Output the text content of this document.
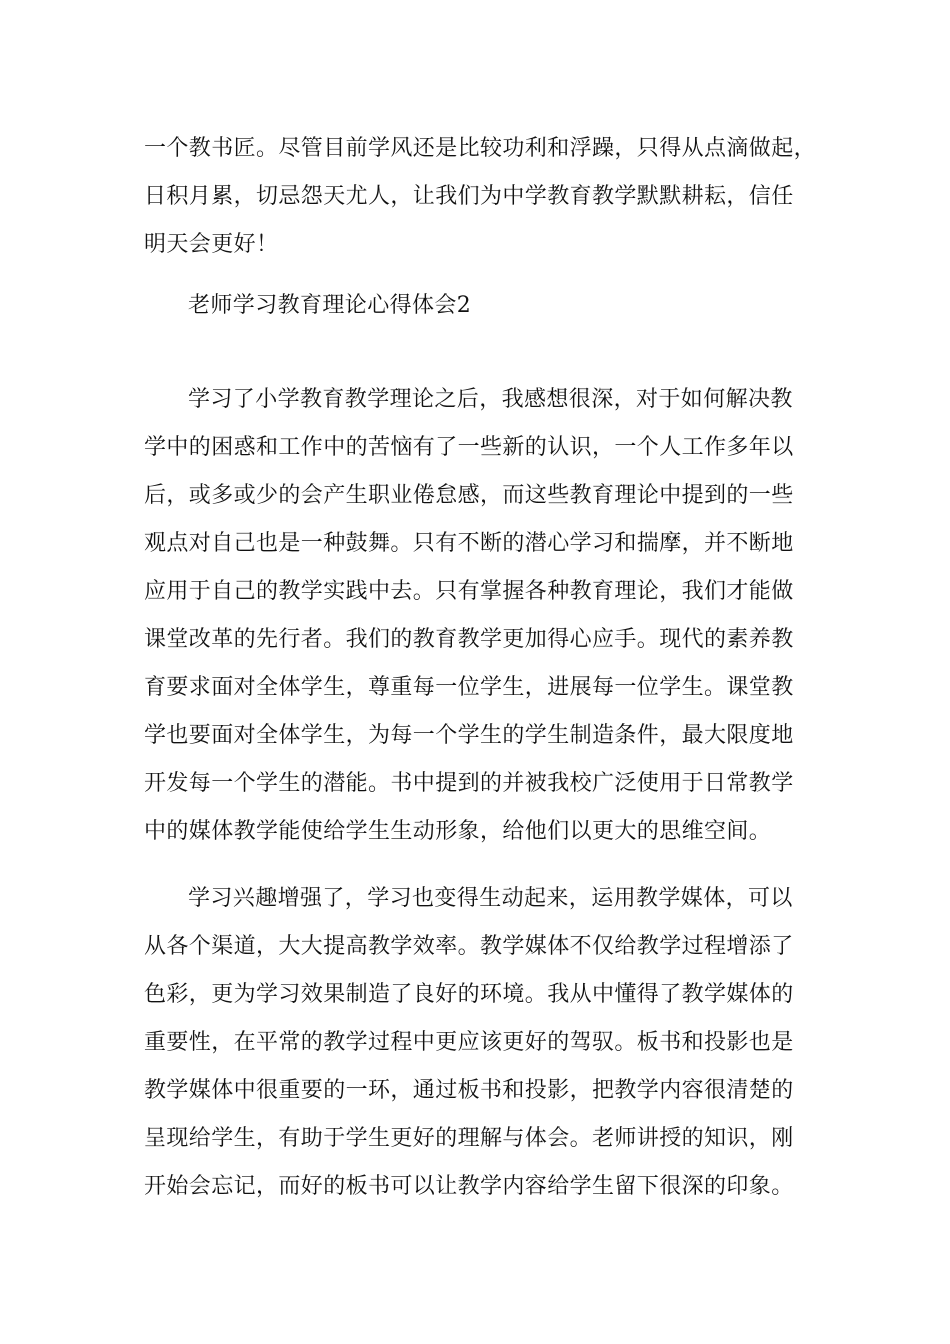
一个教书匠。尽管目前学风还是比较功利和浮躁，只得从点滴做起，
日积月累，切忌怨天尤人，让我们为中学教育教学默默耕耘，信任
明天会更好！
老师学习教育理论心得体会2
学习了小学教育教学理论之后，我感想很深，对于如何解决教
学中的困惑和工作中的苦恼有了一些新的认识，一个人工作多年以
后，或多或少的会产生职业倦怠感，而这些教育理论中提到的一些
观点对自己也是一种鼓舞。只有不断的潜心学习和揣摩，并不断地
应用于自己的教学实践中去。只有掌握各种教育理论，我们才能做
课堂改革的先行者。我们的教育教学更加得心应手。现代的素养教
育要求面对全体学生，尊重每一位学生，进展每一位学生。课堂教
学也要面对全体学生，为每一个学生的学生制造条件，最大限度地
开发每一个学生的潜能。书中提到的并被我校广泛使用于日常教学
中的媒体教学能使给学生生动形象，给他们以更大的思维空间。
学习兴趣增强了，学习也变得生动起来，运用教学媒体，可以
从各个渠道，大大提高教学效率。教学媒体不仅给教学过程增添了
色彩，更为学习效果制造了良好的环境。我从中懂得了教学媒体的
重要性，在平常的教学过程中更应该更好的驾驭。板书和投影也是
教学媒体中很重要的一环，通过板书和投影，把教学内容很清楚的
呈现给学生，有助于学生更好的理解与体会。老师讲授的知识，刚
开始会忘记，而好的板书可以让教学内容给学生留下很深的印象。
